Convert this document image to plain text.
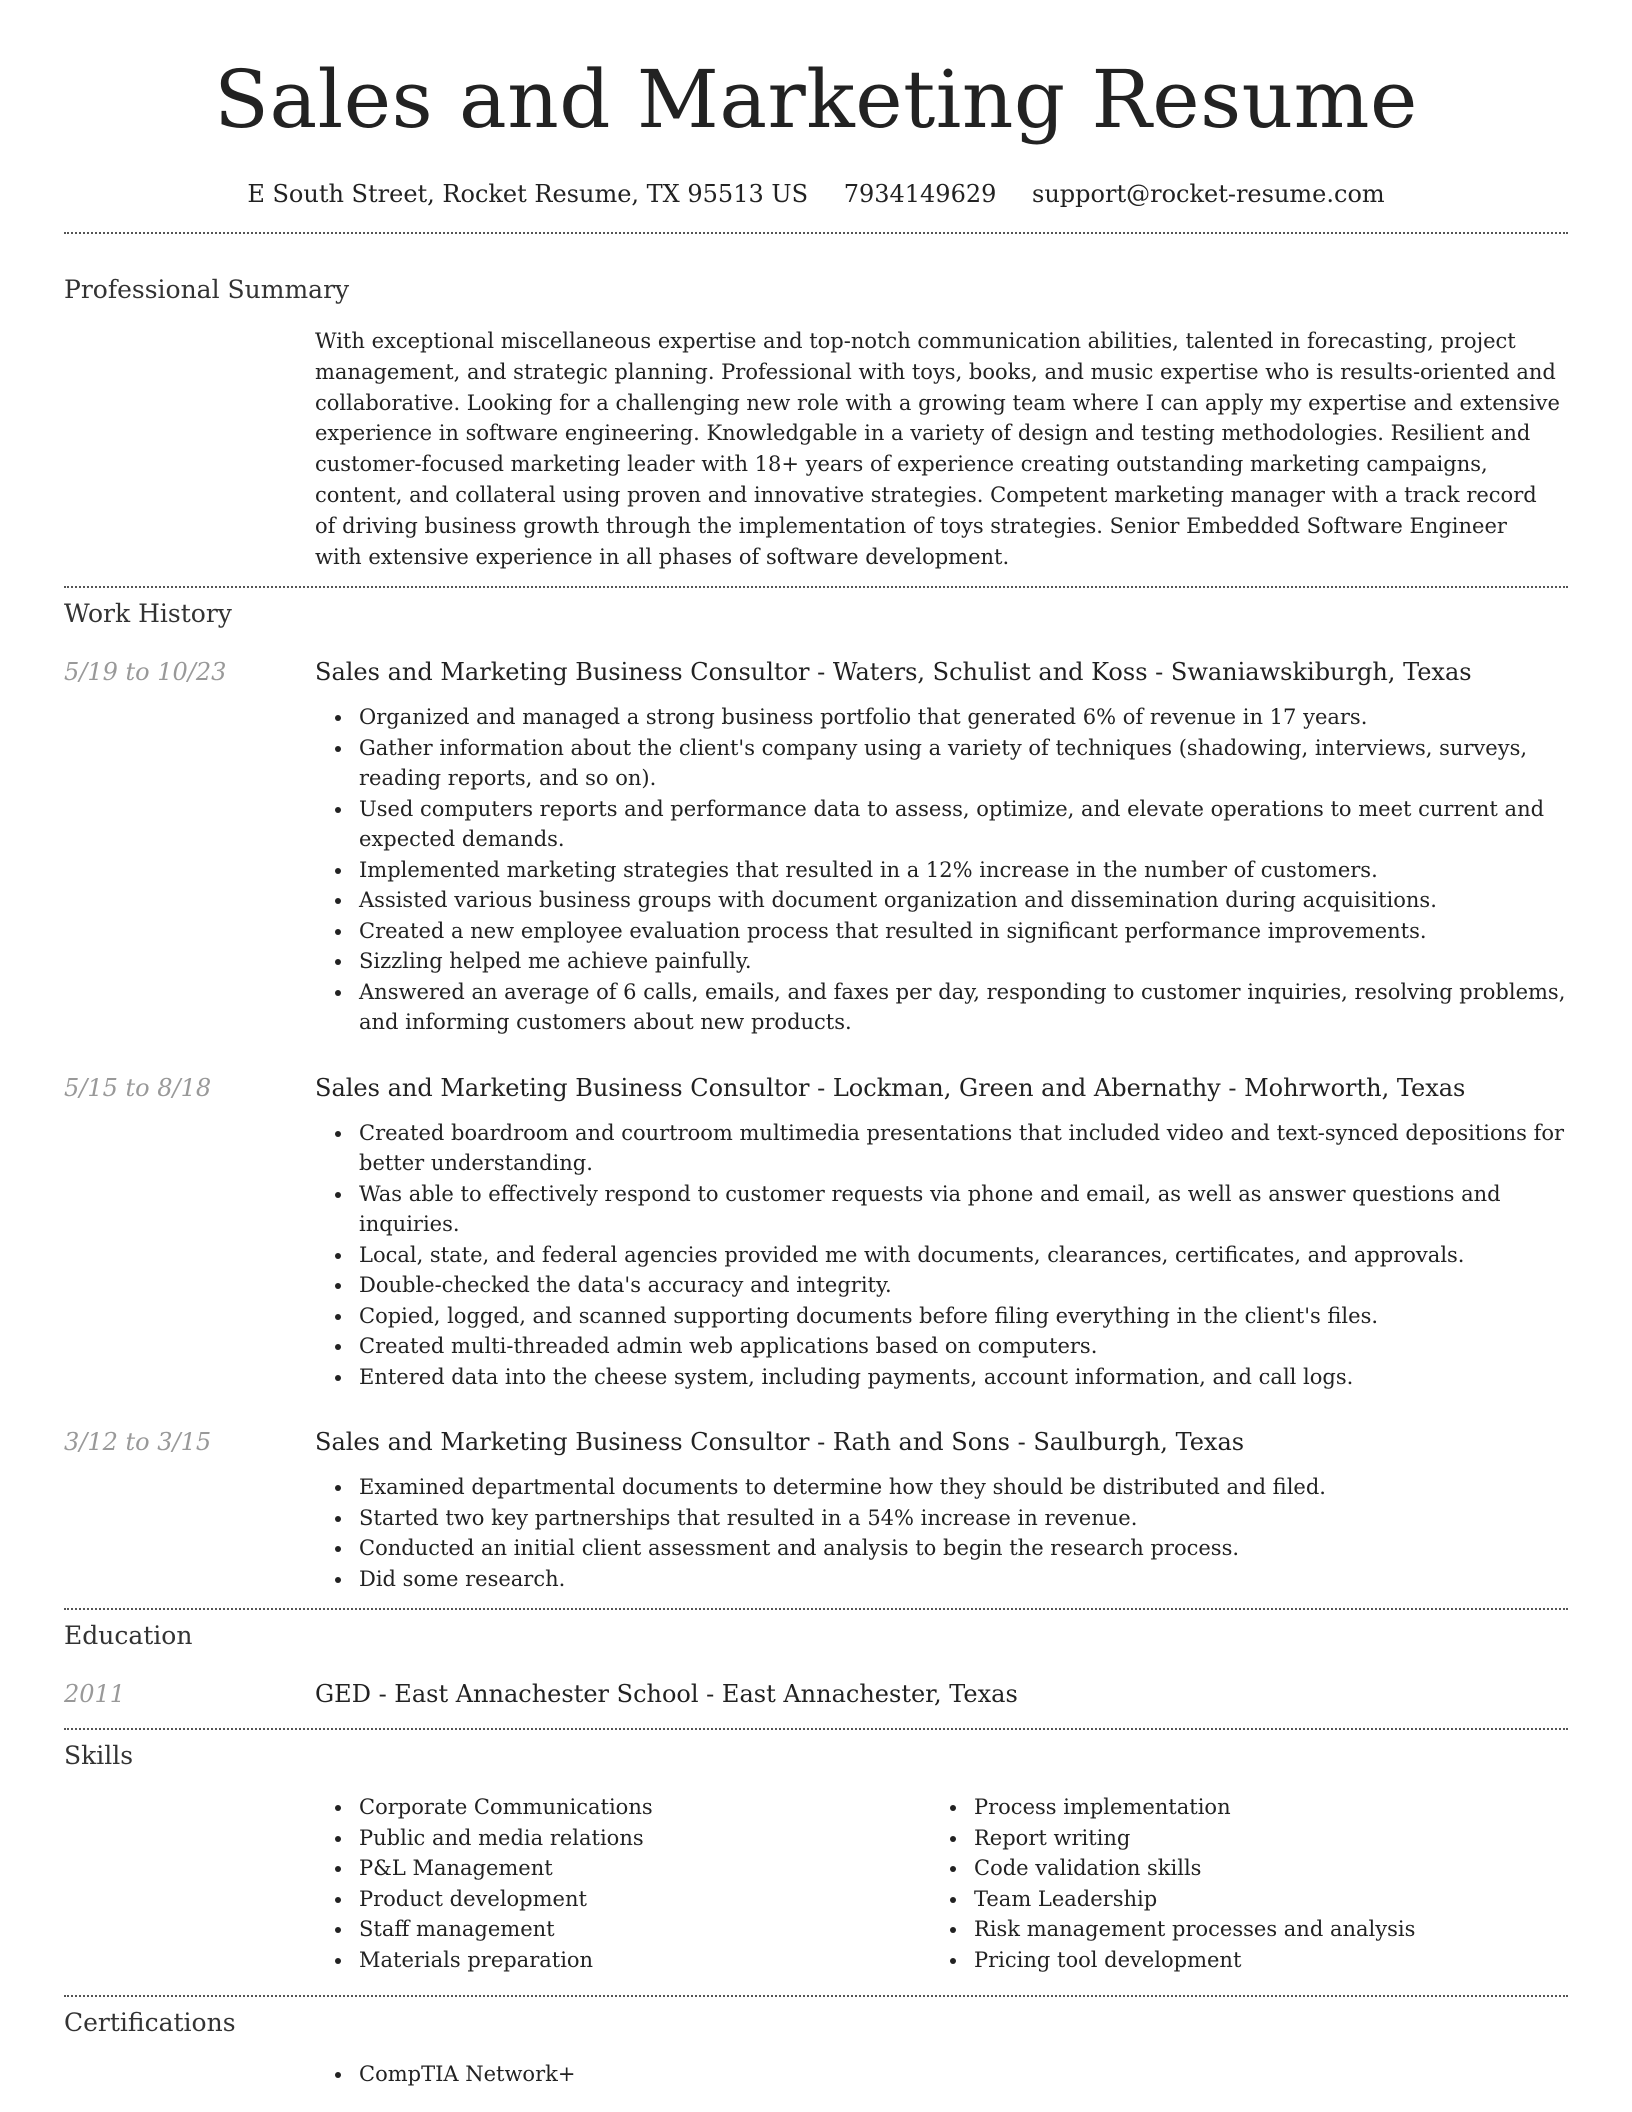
Sales and Marketing Resume
E South Street, Rocket Resume, TX 95513 US 7934149629 support@rocket-resume.com
Professional Summary
With exceptional miscellaneous expertise and top-notch communication abilities, talented in forecasting, project management, and strategic planning. Professional with toys, books, and music expertise who is results-oriented and collaborative. Looking for a challenging new role with a growing team where I can apply my expertise and extensive experience in software engineering. Knowledgable in a variety of design and testing methodologies. Resilient and customer-focused marketing leader with 18+ years of experience creating outstanding marketing campaigns, content, and collateral using proven and innovative strategies. Competent marketing manager with a track record of driving business growth through the implementation of toys strategies. Senior Embedded Software Engineer with extensive experience in all phases of software development.
Work History
5/19 to 10/23	Sales and Marketing Business Consultor - Waters, Schulist and Koss - Swaniawskiburgh, Texas
Organized and managed a strong business portfolio that generated 6% of revenue in 17 years.
Gather information about the client's company using a variety of techniques (shadowing, interviews, surveys, reading reports, and so on).
Used computers reports and performance data to assess, optimize, and elevate operations to meet current and expected demands.
Implemented marketing strategies that resulted in a 12% increase in the number of customers.
Assisted various business groups with document organization and dissemination during acquisitions.
Created a new employee evaluation process that resulted in significant performance improvements.
Sizzling helped me achieve painfully.
Answered an average of 6 calls, emails, and faxes per day, responding to customer inquiries, resolving problems, and informing customers about new products.
5/15 to 8/18	Sales and Marketing Business Consultor - Lockman, Green and Abernathy - Mohrworth, Texas
Created boardroom and courtroom multimedia presentations that included video and text-synced depositions for better understanding.
Was able to effectively respond to customer requests via phone and email, as well as answer questions and inquiries.
Local, state, and federal agencies provided me with documents, clearances, certificates, and approvals.
Double-checked the data's accuracy and integrity.
Copied, logged, and scanned supporting documents before filing everything in the client's files.
Created multi-threaded admin web applications based on computers.
Entered data into the cheese system, including payments, account information, and call logs.
3/12 to 3/15	Sales and Marketing Business Consultor - Rath and Sons - Saulburgh, Texas
Examined departmental documents to determine how they should be distributed and filed.
Started two key partnerships that resulted in a 54% increase in revenue.
Conducted an initial client assessment and analysis to begin the research process.
Did some research.
Education
2011	GED - East Annachester School - East Annachester, Texas
Skills
Corporate Communications
Public and media relations
P&L Management
Product development
Staff management
Materials preparation
Process implementation
Report writing
Code validation skills
Team Leadership
Risk management processes and analysis
Pricing tool development
Certifications
CompTIA Network+
